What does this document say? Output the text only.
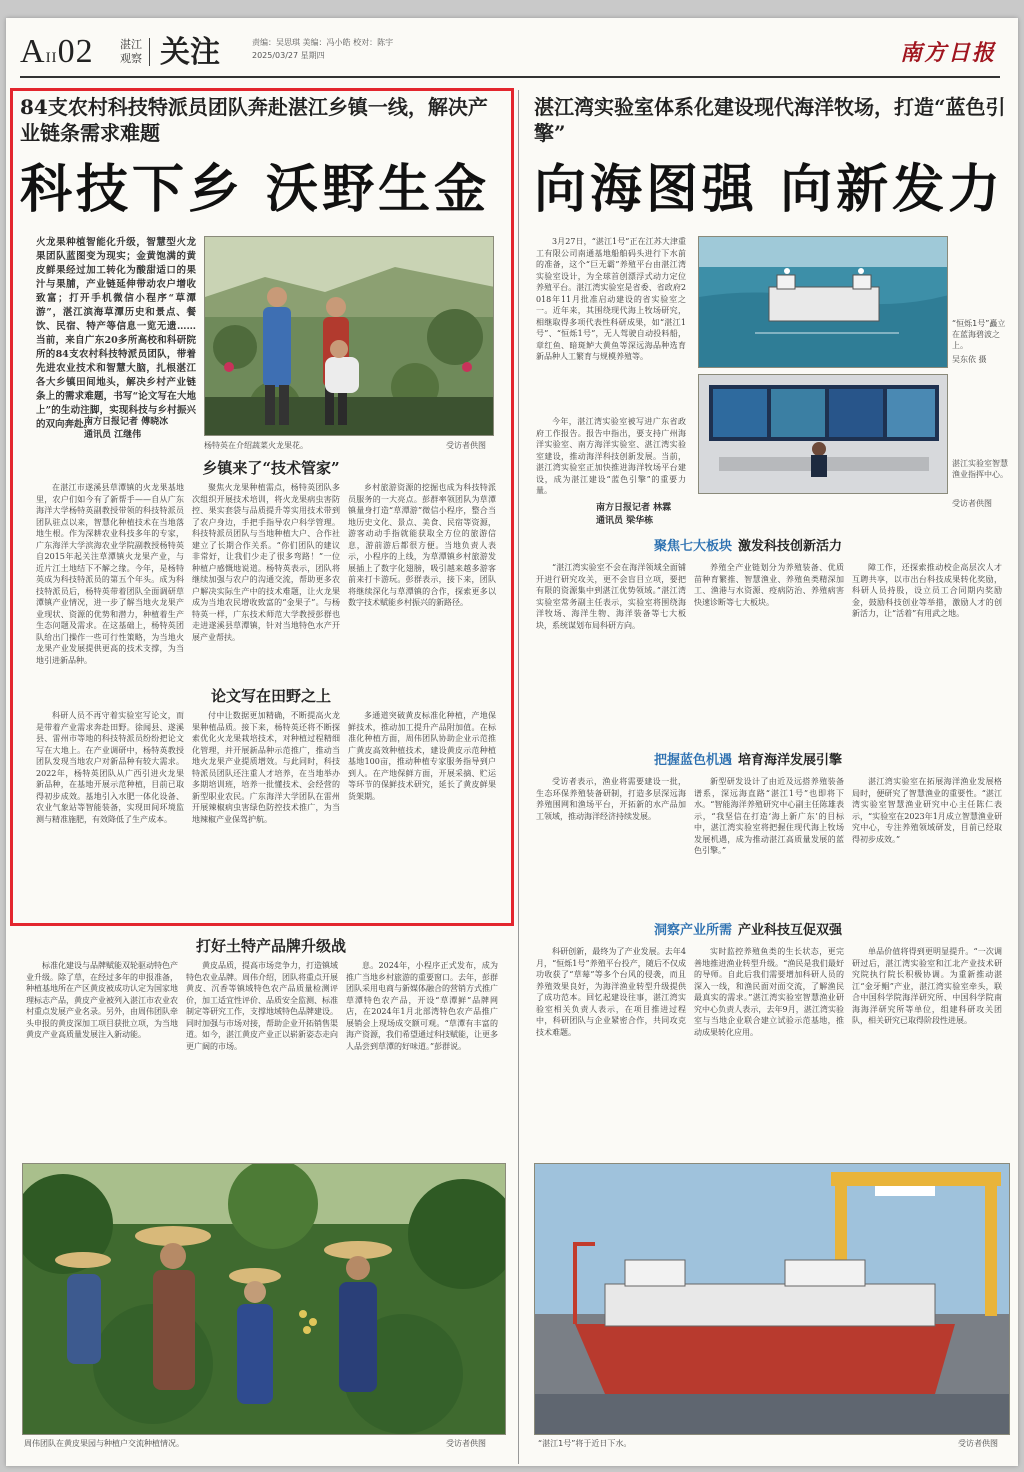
AII02 湛江
观察 关注	责编：吴思琪 美编：冯小皓 校对：陈宇
2025/03/27 星期四	南方日报
84支农村科技特派员团队奔赴湛江乡镇一线，解决产业链条需求难题
科技下乡 沃野生金
湛江湾实验室体系化建设现代海洋牧场，打造“蓝色引擎”
向海图强 向新发力
火龙果种植智能化升级，智慧型火龙果团队蓝图变为现实；金黄饱满的黄皮鲜果经过加工转化为酸甜适口的果汁与果脯，产业链延伸带动农户增收致富；打开手机微信小程序“草潭游”，湛江滨海草潭历史和景点、餐饮、民宿、特产等信息一览无遗……当前，来自广东20多所高校和科研院所的84支农村科技特派员团队，带着先进农业技术和智慧大脑，扎根湛江各大乡镇田间地头，解决乡村产业链条上的需求难题，书写“论文写在大地上”的生动注脚，实现科技与乡村振兴的双向奔赴。
南方日报记者 傅晓冰
通讯员 江继伟
杨特英在介绍蔬菜火龙果花。	受访者供图
乡镇来了“技术管家”

在湛江市遂溪县草潭镇的火龙果基地里，农户们如今有了新帮手——自从广东海洋大学杨特英副教授带领的科技特派员团队驻点以来，智慧化种植技术在当地落地生根。作为深耕农业科技多年的专家，广东海洋大学滨海农业学院副教授杨特英自2015年起关注草潭镇火龙果产业，与近片江土地结下不解之缘。今年，是杨特英成为科技特派员的第五个年头。成为科技特派员后，杨特英带着团队全面调研草潭镇产业情况，进一步了解当地火龙果产业现状、资源的优势和潜力，种植着生产生态问题及需求。在这基础上，杨特英团队给出门操作一些可行性策略，为当地火龙果产业发展提供更高的技术支撑，为当地引进新品种。

聚焦火龙果种植需点，杨特英团队多次组织开展技术培训，将火龙果病虫害防控、果实套袋与品质提升等实用技术带到了农户身边，手把手指导农户科学管理。科技特派员团队与当地种植大户、合作社建立了长期合作关系。“你们团队的建议非常好，让我们少走了很多弯路！”一位种植户感慨地说道。杨特英表示，团队将继续加强与农户的沟通交流，帮助更多农户解决实际生产中的技术难题，让火龙果成为当地农民增收致富的“金果子”。与杨特英一样，广东技术师范大学教授彭群也走进遂溪县草潭镇，针对当地特色水产开展产业帮扶。

乡村旅游资源的挖掘也成为科技特派员服务的一大亮点。彭群率领团队为草潭镇量身打造“草潭游”微信小程序，整合当地历史文化、景点、美食、民宿等资源，游客动动手指就能获取全方位的旅游信息，游前游后都很方便。当地负责人表示，小程序的上线，为草潭镇乡村旅游发展插上了数字化翅膀，吸引越来越多游客前来打卡游玩。彭群表示，接下来，团队将继续深化与草潭镇的合作，探索更多以数字技术赋能乡村振兴的新路径。

论文写在田野之上

科研人员不再守着实验室写论文，而是带着产业需求奔赴田野。徐闻县、遂溪县、雷州市等地的科技特派员纷纷把论文写在大地上。在产业调研中，杨特英教授团队发现当地农户对新品种有较大需求。2022年，杨特英团队从广西引进火龙果新品种，在基地开展示范种植，目前已取得初步成效。基地引入水肥一体化设备、农业气象站等智能装备，实现田间环境监测与精准施肥，有效降低了生产成本。

付中让数据更加精确，不断提高火龙果种植品质。接下来，杨特英还将不断探索优化火龙果栽培技术，对种植过程精细化管理，并开展新品种示范推广，推动当地火龙果产业提质增效。与此同时，科技特派员团队还注重人才培养，在当地举办多期培训班，培养一批懂技术、会经营的新型职业农民。广东海洋大学团队在雷州开展辣椒病虫害绿色防控技术推广，为当地辣椒产业保驾护航。

多通道突破黄皮标准化种植，产地保鲜技术，推动加工提升产品附加值。在标准化种植方面，周伟团队协助企业示范推广黄皮高效种植技术，建设黄皮示范种植基地100亩，推动种植专家服务指导到户到人。在产地保鲜方面，开展采摘、贮运等环节的保鲜技术研究，延长了黄皮鲜果货架期。

打好土特产品牌升级战

标准化建设与品牌赋能双轮驱动特色产业升级。除了草，在经过多年的申报准备，种植基地所在产区黄皮被成功认定为国家地理标志产品，黄皮产业被列入湛江市农业农村重点发展产业名录。另外，由周伟团队牵头申报的黄皮深加工项目获批立项，为当地黄皮产业高质量发展注入新动能。

黄皮品质，提高市场竞争力，打造镇域特色农业品牌。周伟介绍，团队将重点开展黄皮、沉香等镇域特色农产品质量检测评价，加工适宜性评价、品质安全监测、标准制定等研究工作，支撑地域特色品牌建设。同时加强与市场对接，帮助企业开拓销售渠道。如今，湛江黄皮产业正以崭新姿态走向更广阔的市场。

息。2024年，小程序正式发布，成为推广当地乡村旅游的重要窗口。去年，彭群团队采用电商与新媒体融合的营销方式推广草潭特色农产品，开设“草潭鲜”品牌网店，在2024年1月北部湾特色农产品推广展销会上现场成交额可观。“草潭有丰富的海产资源，我们希望通过科技赋能，让更多人品尝到草潭的好味道。”彭群说。

周伟团队在黄皮果园与种植户交流种植情况。	受访者供图

3月27日，“湛江1号”正在江苏大津重工有限公司南通基地船舶码头进行下水前的准备，这个“巨无霸”养殖平台由湛江湾实验室设计，为全球首创漂浮式动力定位养殖平台。湛江湾实验室是省委、省政府2018年11月批准启动建设的省实验室之一。近年来，其围绕现代海上牧场研究，相继取得多项代表性科研成果，如“湛江1号”、“恒烁1号”，无人驾驶自动投料船，章红鱼、暗斑鲈大黄鱼等深远海品种选育新品种人工繁育与规模养殖等。

“恒烁1号”矗立在蓝海碧波之上。
吴东依 摄
湛江实验室智慧渔业指挥中心。
受访者供图

今年，湛江湾实验室被写进广东省政府工作报告。报告中指出，要支持广州海洋实验室、南方海洋实验室、湛江湾实验室建设，推动海洋科技创新发展。当前，湛江湾实验室正加快推进海洋牧场平台建设，成为湛江建设“蓝色引擎”的重要力量。

南方日报记者 林霖
通讯员 梁华栋
聚焦七大板块 激发科技创新活力

“湛江湾实验室不会在海洋领域全面铺开进行研究攻关，更不会盲目立项，要把有限的资源集中到湛江优势领域。”湛江湾实验室常务副主任表示，实验室将围绕海洋牧场、海洋生物、海洋装备等七大板块，系统谋划布局科研方向。

养殖全产业链划分为养殖装备、优质苗种育繁推、智慧渔业、养殖鱼类精深加工、渔港与水资源、疫病防治、养殖病害快速诊断等七大板块。

障工作，还探索推动校企高层次人才互聘共享，以市出台科技成果转化奖励，科研人员持股，设立员工合同期内奖励金，鼓励科技创业等举措，激励人才的创新活力，让“活着”有用武之地。

把握蓝色机遇 培育海洋发展引擎

受访者表示，渔业将需要建设一批，生态环保养殖装备研制，打造多层深远海养殖围网和渔场平台，开拓新的水产品加工领域，推动海洋经济持续发展。

新型研发设计了由近及远搭养殖装备谱系，深远海直路“湛江1号”也即将下水。“智能海洋养殖研究中心副主任陈雄表示，“我坚信在打造‘海上新广东’的目标中，湛江湾实验室将把握住现代海上牧场发展机遇，成为推动湛江高质量发展的蓝色引擎。”

湛江湾实验室在拓展海洋渔业发展格局时，便研究了智慧渔业的重要性。“湛江湾实验室智慧渔业研究中心主任陈仁表示，“实验室在2023年1月成立智慧渔业研究中心，专注养殖领域研发，目前已经取得初步成效。”

洞察产业所需 产业科技互促双强

科研创新，最终为了产业发展。去年4月，“恒烁1号”养殖平台投产，随后不仅成功收获了“草莓”等多个台风的侵袭，而且养殖效果良好，为海洋渔业转型升级提供了成功范本。回忆起建设往事，湛江湾实验室相关负责人表示，在项目推进过程中，科研团队与企业紧密合作，共同攻克技术难题。

实时监控养殖鱼类的生长状态，更完善地推进渔业转型升级。“渔民是我们最好的导师。自此后我们需要增加科研人员的深入一线，和渔民面对面交流，了解渔民最真实的需求。”湛江湾实验室智慧渔业研究中心负责人表示，去年9月，湛江湾实验室与当地企业联合建立试验示范基地，推动成果转化应用。

单品价值将得到更明显提升。“一次调研过后，湛江湾实验室和江北产业技术研究院执行院长积极协调。为重新推动湛江“金牙鲳”产业，湛江湾实验室牵头，联合中国科学院海洋研究所、中国科学院南海海洋研究所等单位，组建科研攻关团队，相关研究已取得阶段性进展。

“湛江1号”将于近日下水。	受访者供图
